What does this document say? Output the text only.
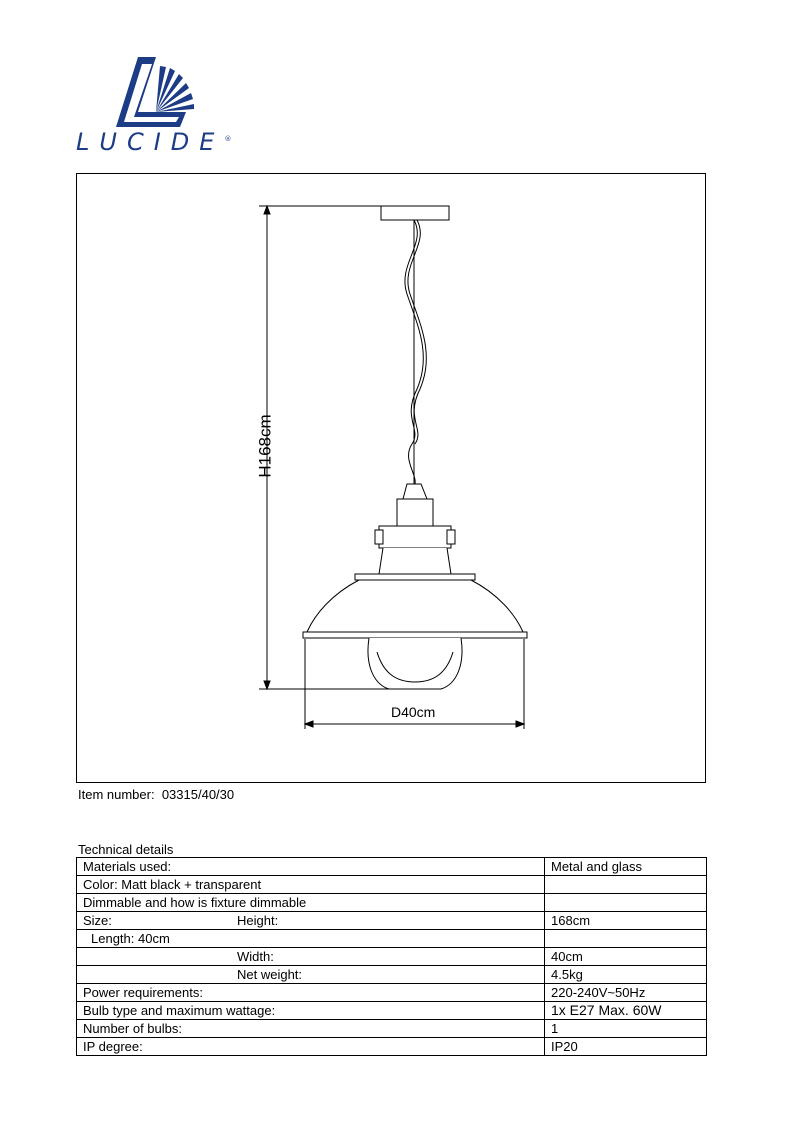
LUCIDE®
H168cm
D40cm
Item number: 03315/40/30
Technical details
Materials used:	Metal and glass
Color: Matt black + transparent	
Dimmable and how is fixture dimmable	
Size: Height:	168cm
Length: 40cm	
Width:	40cm
Net weight:	4.5kg
Power requirements:	220-240V~50Hz
Bulb type and maximum wattage:	1x E27 Max. 60W
Number of bulbs:	1
IP degree:	IP20
